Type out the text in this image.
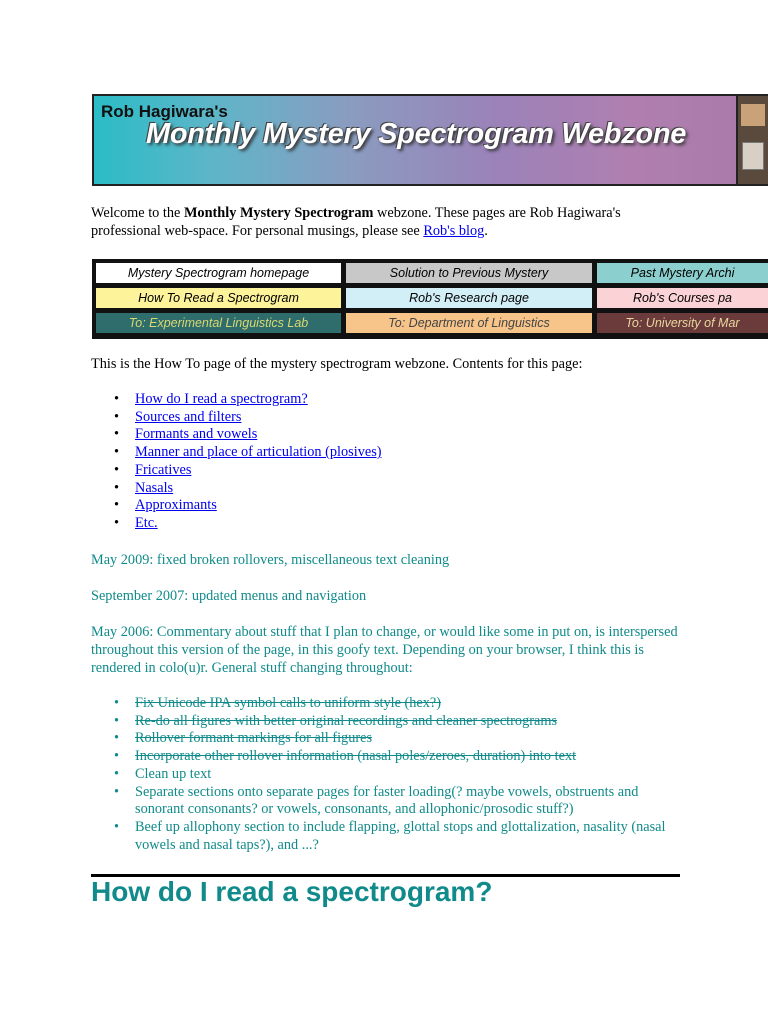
Rob Hagiwara's
Monthly Mystery Spectrogram Webzone
Welcome to the Monthly Mystery Spectrogram webzone. These pages are Rob Hagiwara's professional web-space. For personal musings, please see Rob's blog.
Mystery Spectrogram homepage	Solution to Previous Mystery	Past Mystery Archi
How To Read a Spectrogram	Rob's Research page	Rob's Courses pa
To: Experimental Linguistics Lab	To: Department of Linguistics	To: University of Mar
This is the How To page of the mystery spectrogram webzone. Contents for this page:
• How do I read a spectrogram?
• Sources and filters
• Formants and vowels
• Manner and place of articulation (plosives)
• Fricatives
• Nasals
• Approximants
• Etc.
May 2009: fixed broken rollovers, miscellaneous text cleaning
September 2007: updated menus and navigation
May 2006: Commentary about stuff that I plan to change, or would like some in put on, is interspersed throughout this version of the page, in this goofy text. Depending on your browser, I think this is rendered in colo(u)r. General stuff changing throughout:
• Fix Unicode IPA symbol calls to uniform style (hex?)
• Re-do all figures with better original recordings and cleaner spectrograms
• Rollover formant markings for all figures
• Incorporate other rollover information (nasal poles/zeroes, duration) into text
• Clean up text
• Separate sections onto separate pages for faster loading(? maybe vowels, obstruents and sonorant consonants? or vowels, consonants, and allophonic/prosodic stuff?)
• Beef up allophony section to include flapping, glottal stops and glottalization, nasality (nasal vowels and nasal taps?), and ...?
How do I read a spectrogram?
